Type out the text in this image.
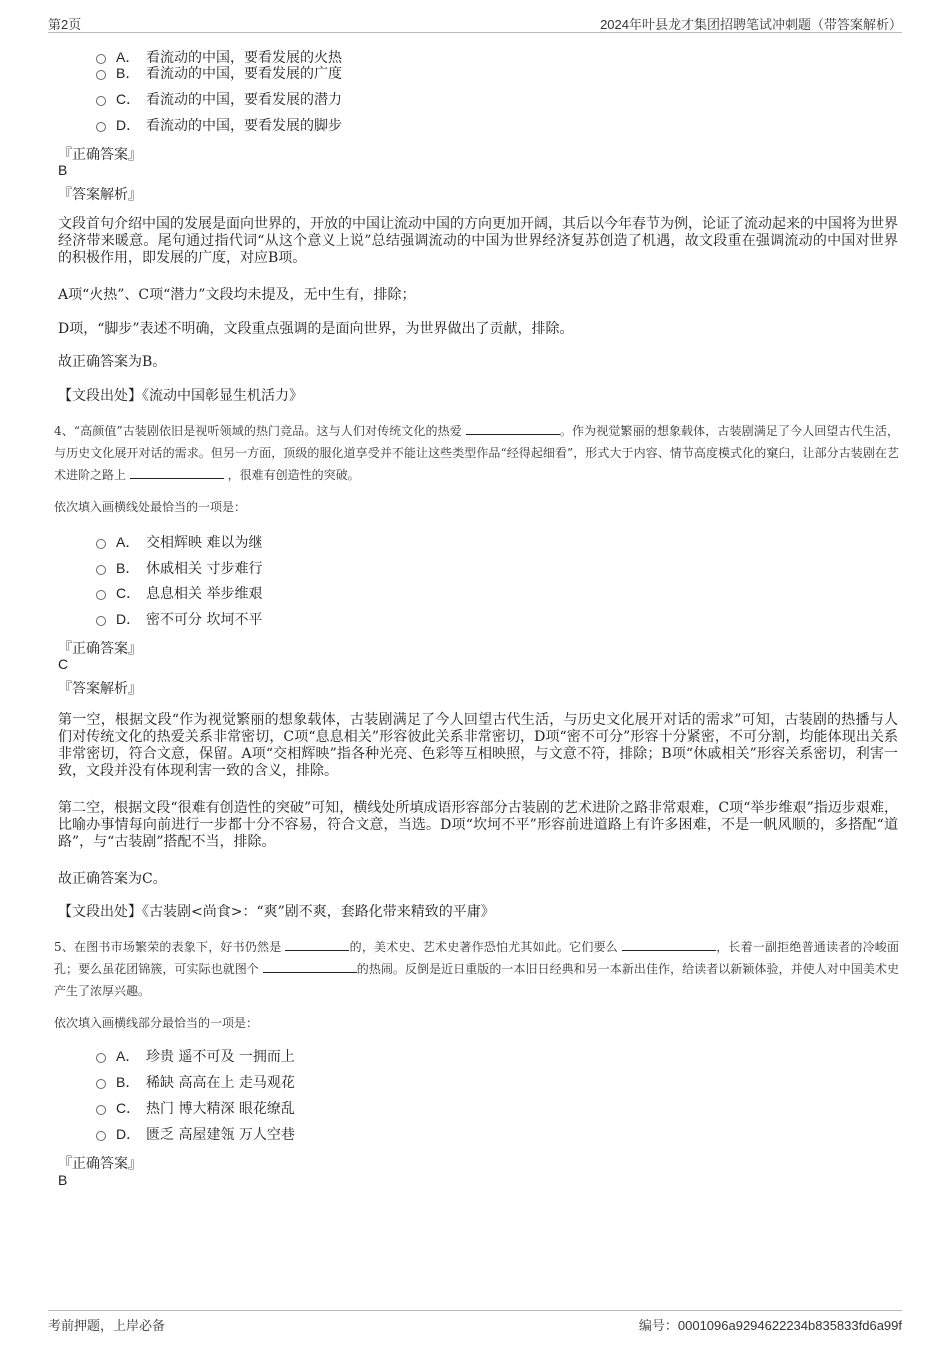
第2页	2024年叶县龙才集团招聘笔试冲刺题（带答案解析）
A． 看流动的中国，要看发展的火热
B． 看流动的中国，要看发展的广度
C． 看流动的中国，要看发展的潜力
D． 看流动的中国，要看发展的脚步
『正确答案』
B
『答案解析』
文段首句介绍中国的发展是面向世界的，开放的中国让流动中国的方向更加开阔，其后以今年春节为例，论证了流动起来的中国将为世界经济带来暖意。尾句通过指代词“从这个意义上说”总结强调流动的中国为世界经济复苏创造了机遇，故文段重在强调流动的中国对世界的积极作用，即发展的广度，对应B项。
A项“火热”、C项“潜力”文段均未提及，无中生有，排除；
D项，“脚步”表述不明确，文段重点强调的是面向世界，为世界做出了贡献，排除。
故正确答案为B。
【文段出处】《流动中国彰显生机活力》
4、“高颜值”古装剧依旧是视听领域的热门竞品。这与人们对传统文化的热爱	。作为视觉繁丽的想象载体，古装剧满足了今人回望古代生活，与历史文化展开对话的需求。但另一方面，顶级的服化道享受并不能让这些类型作品“经得起细看”，形式大于内容、情节高度模式化的窠臼，让部分古装剧在艺术进阶之路上	，很难有创造性的突破。
依次填入画横线处最恰当的一项是：
A． 交相辉映 难以为继
B． 休戚相关 寸步难行
C． 息息相关 举步维艰
D． 密不可分 坎坷不平
『正确答案』
C
『答案解析』
第一空，根据文段“作为视觉繁丽的想象载体，古装剧满足了今人回望古代生活，与历史文化展开对话的需求”可知，古装剧的热播与人们对传统文化的热爱关系非常密切，C项“息息相关”形容彼此关系非常密切，D项“密不可分”形容十分紧密，不可分割，均能体现出关系非常密切，符合文意，保留。A项“交相辉映”指各种光亮、色彩等互相映照，与文意不符，排除；B项“休戚相关”形容关系密切，利害一致，文段并没有体现利害一致的含义，排除。
第二空，根据文段“很难有创造性的突破”可知，横线处所填成语形容部分古装剧的艺术进阶之路非常艰难，C项“举步维艰”指迈步艰难，比喻办事情每向前进行一步都十分不容易，符合文意，当选。D项“坎坷不平”形容前进道路上有许多困难，不是一帆风顺的，多搭配“道路”，与“古装剧”搭配不当，排除。
故正确答案为C。
【文段出处】《古装剧<尚食>：“爽”剧不爽，套路化带来精致的平庸》
5、在图书市场繁荣的表象下，好书仍然是	的，美术史、艺术史著作恐怕尤其如此。它们要么	，长着一副拒绝普通读者的冷峻面孔；要么虽花团锦簇，可实际也就图个	的热闹。反倒是近日重版的一本旧日经典和另一本新出佳作，给读者以新颖体验，并使人对中国美术史产生了浓厚兴趣。
依次填入画横线部分最恰当的一项是：
A． 珍贵 遥不可及 一拥而上
B． 稀缺 高高在上 走马观花
C． 热门 博大精深 眼花缭乱
D． 匮乏 高屋建瓴 万人空巷
『正确答案』
B
考前押题，上岸必备	编号：0001096a9294622234b835833fd6a99f
